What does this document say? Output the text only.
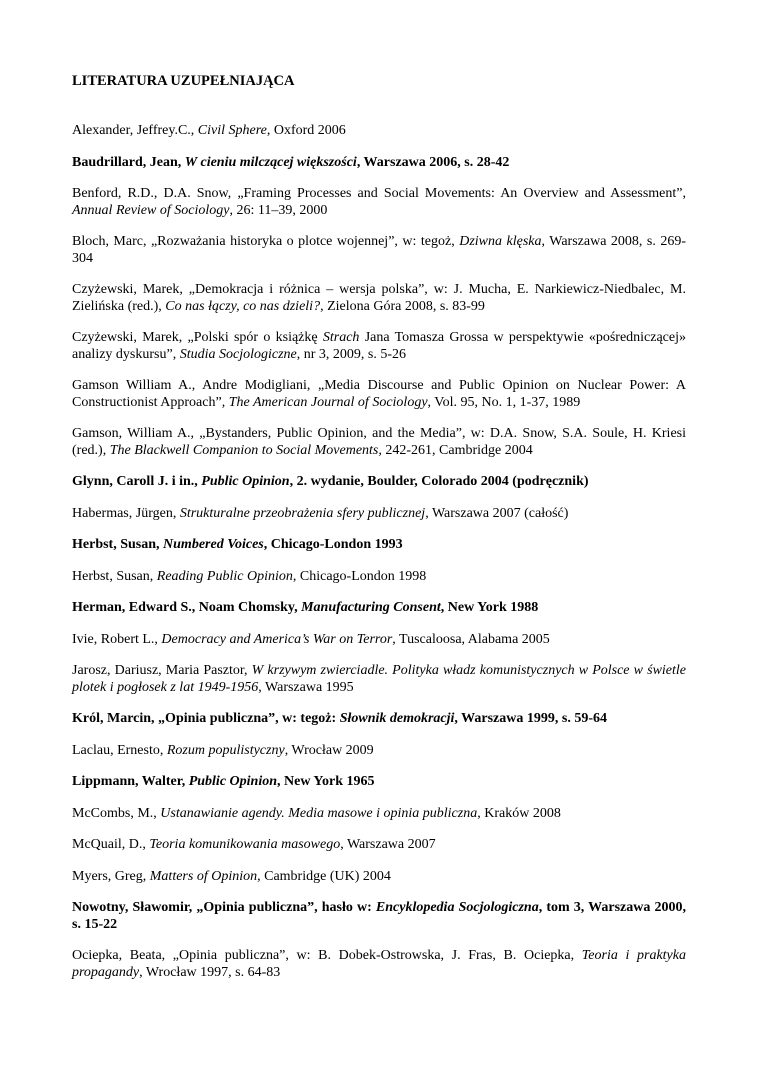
LITERATURA UZUPEŁNIAJĄCA
Alexander, Jeffrey.C., Civil Sphere, Oxford 2006
Baudrillard, Jean, W cieniu milczącej większości, Warszawa 2006, s. 28-42
Benford, R.D., D.A. Snow, „Framing Processes and Social Movements: An Overview and Assessment”, Annual Review of Sociology, 26: 11–39, 2000
Bloch, Marc, „Rozważania historyka o plotce wojennej”, w: tegoż, Dziwna klęska, Warszawa 2008, s. 269-304
Czyżewski, Marek, „Demokracja i różnica – wersja polska”, w: J. Mucha, E. Narkiewicz-Niedbalec, M. Zielińska (red.), Co nas łączy, co nas dzieli?, Zielona Góra 2008, s. 83-99
Czyżewski, Marek, „Polski spór o książkę Strach Jana Tomasza Grossa w perspektywie «pośredniczącej» analizy dyskursu”, Studia Socjologiczne, nr 3, 2009, s. 5-26
Gamson William A., Andre Modigliani, „Media Discourse and Public Opinion on Nuclear Power: A Constructionist Approach”, The American Journal of Sociology, Vol. 95, No. 1, 1-37, 1989
Gamson, William A., „Bystanders, Public Opinion, and the Media”, w: D.A. Snow, S.A. Soule, H. Kriesi (red.), The Blackwell Companion to Social Movements, 242-261, Cambridge 2004
Glynn, Caroll J. i in., Public Opinion, 2. wydanie, Boulder, Colorado 2004 (podręcznik)
Habermas, Jürgen, Strukturalne przeobrażenia sfery publicznej, Warszawa 2007 (całość)
Herbst, Susan, Numbered Voices, Chicago-London 1993
Herbst, Susan, Reading Public Opinion, Chicago-London 1998
Herman, Edward S., Noam Chomsky, Manufacturing Consent, New York 1988
Ivie, Robert L., Democracy and America’s War on Terror, Tuscaloosa, Alabama 2005
Jarosz, Dariusz, Maria Pasztor, W krzywym zwierciadle. Polityka władz komunistycznych w Polsce w świetle plotek i pogłosek z lat 1949-1956, Warszawa 1995
Król, Marcin, „Opinia publiczna”, w: tegoż: Słownik demokracji, Warszawa 1999, s. 59-64
Laclau, Ernesto, Rozum populistyczny, Wrocław 2009
Lippmann, Walter, Public Opinion, New York 1965
McCombs, M., Ustanawianie agendy. Media masowe i opinia publiczna, Kraków 2008
McQuail, D., Teoria komunikowania masowego, Warszawa 2007
Myers, Greg, Matters of Opinion, Cambridge (UK) 2004
Nowotny, Sławomir, „Opinia publiczna”, hasło w: Encyklopedia Socjologiczna, tom 3, Warszawa 2000, s. 15-22
Ociepka, Beata, „Opinia publiczna”, w: B. Dobek-Ostrowska, J. Fras, B. Ociepka, Teoria i praktyka propagandy, Wrocław 1997, s. 64-83
